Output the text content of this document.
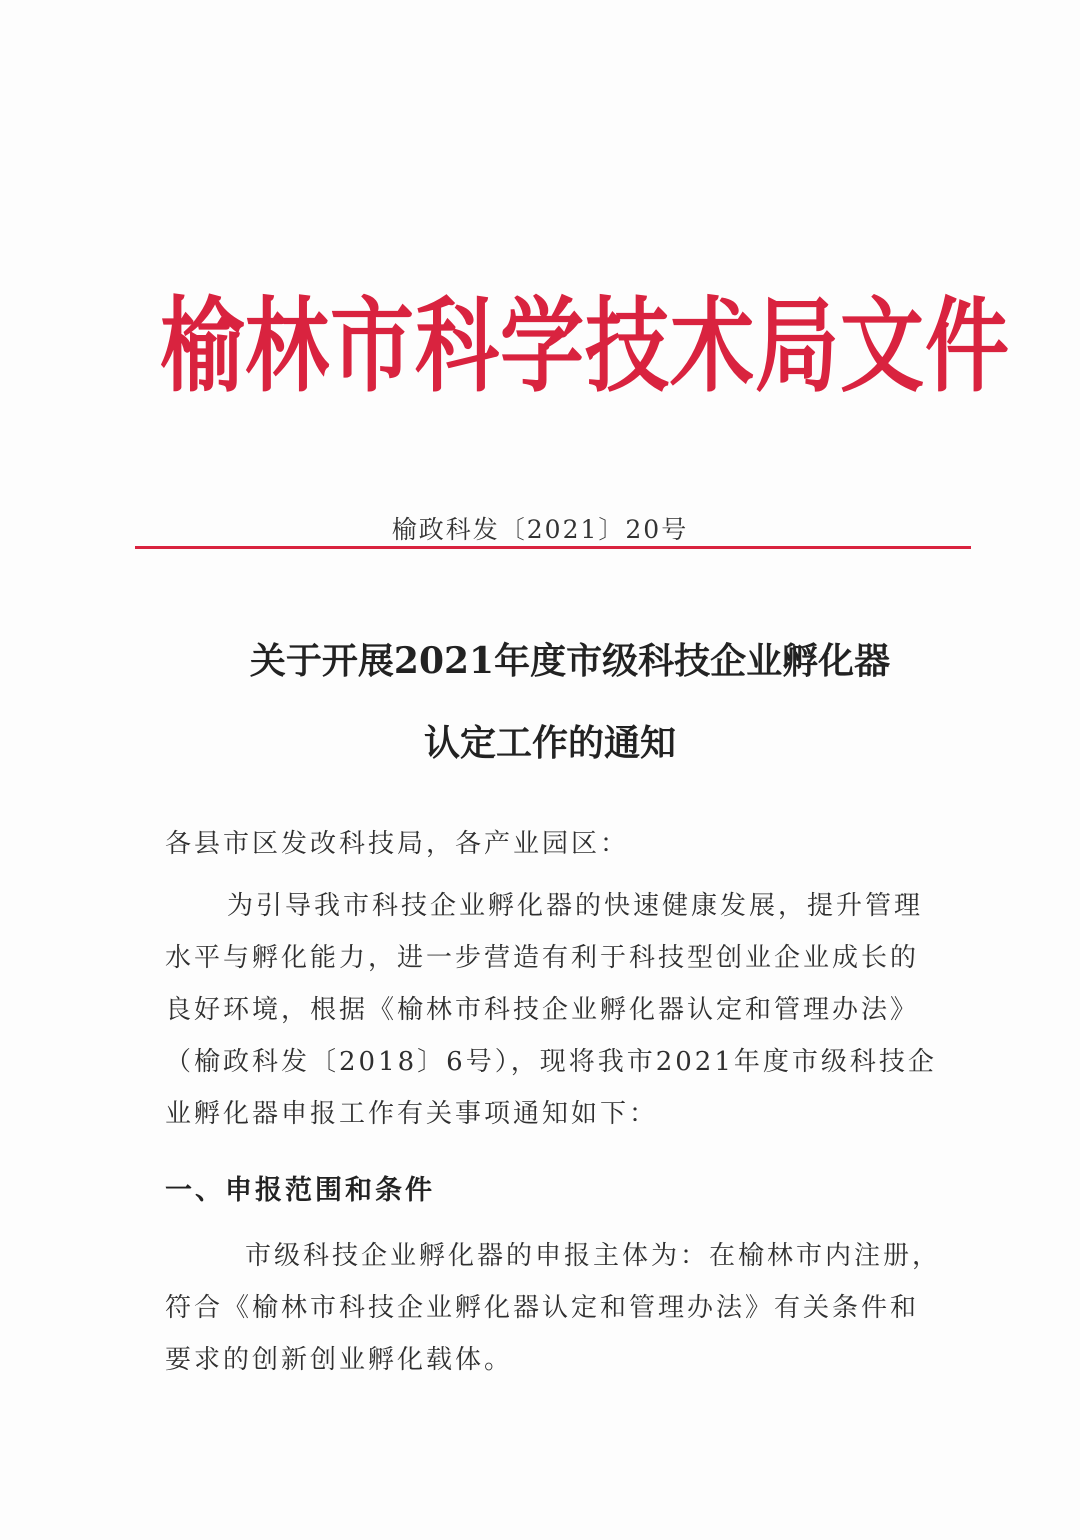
榆林市科学技术局文件
榆政科发〔2021〕20号
关于开展2021年度市级科技企业孵化器
认定工作的通知
各县市区发改科技局，各产业园区：
为引导我市科技企业孵化器的快速健康发展，提升管理
水平与孵化能力，进一步营造有利于科技型创业企业成长的
良好环境，根据《榆林市科技企业孵化器认定和管理办法》
（榆政科发〔2018〕6号），现将我市2021年度市级科技企
业孵化器申报工作有关事项通知如下：
一、申报范围和条件
市级科技企业孵化器的申报主体为：在榆林市内注册，
符合《榆林市科技企业孵化器认定和管理办法》有关条件和
要求的创新创业孵化载体。
